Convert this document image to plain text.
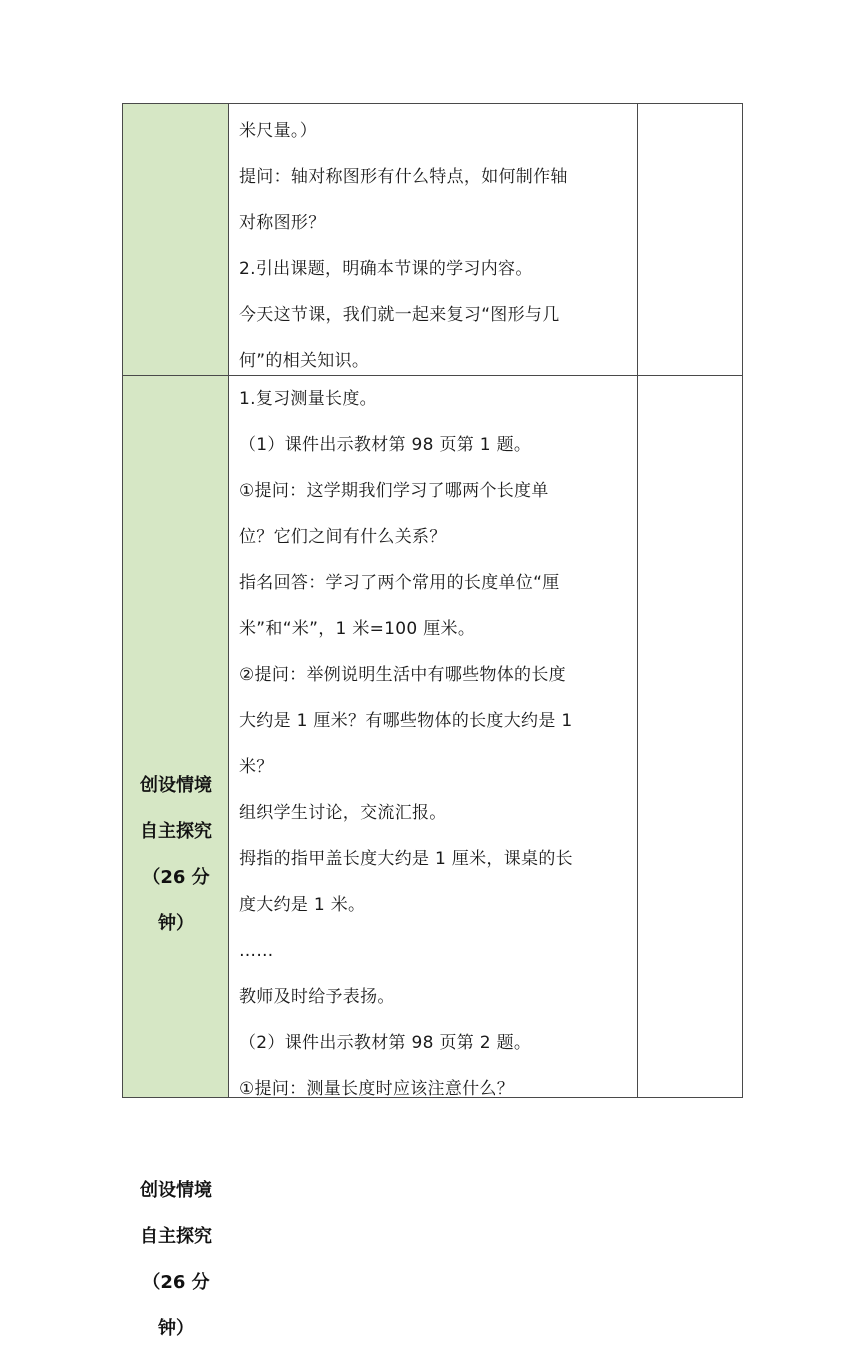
米尺量。）
提问：轴对称图形有什么特点，如何制作轴
对称图形？
2.引出课题，明确本节课的学习内容。
今天这节课，我们就一起来复习“图形与几
何”的相关知识。
创设情境
自主探究
（26 分
钟）
创设情境
自主探究
（26 分
钟）
1.复习测量长度。
（1）课件出示教材第 98 页第 1 题。
①提问：这学期我们学习了哪两个长度单
位？它们之间有什么关系？
指名回答：学习了两个常用的长度单位“厘
米”和“米”，1 米=100 厘米。
②提问：举例说明生活中有哪些物体的长度
大约是 1 厘米？有哪些物体的长度大约是 1
米？
组织学生讨论，交流汇报。
拇指的指甲盖长度大约是 1 厘米，课桌的长
度大约是 1 米。
……
教师及时给予表扬。
（2）课件出示教材第 98 页第 2 题。
①提问：测量长度时应该注意什么？
